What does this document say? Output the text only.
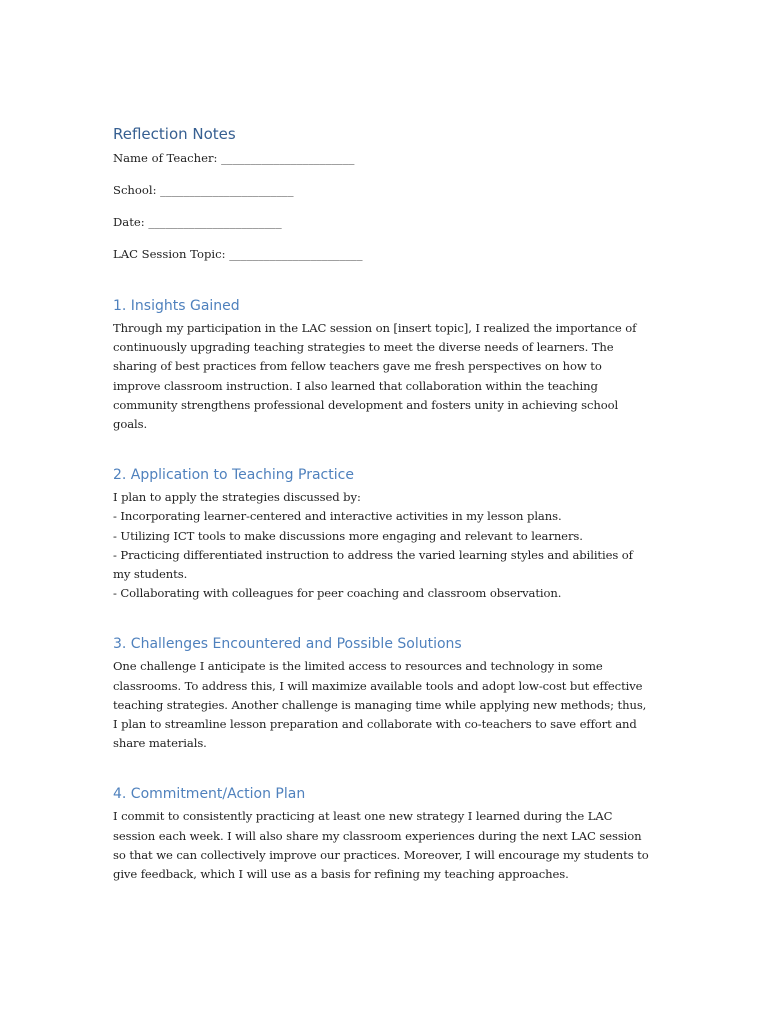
Reflection Notes
Name of Teacher: _______________________
School: _______________________
Date: _______________________
LAC Session Topic: _______________________
1. Insights Gained
Through my participation in the LAC session on [insert topic], I realized the importance of
continuously upgrading teaching strategies to meet the diverse needs of learners. The
sharing of best practices from fellow teachers gave me fresh perspectives on how to
improve classroom instruction. I also learned that collaboration within the teaching
community strengthens professional development and fosters unity in achieving school
goals.
2. Application to Teaching Practice
I plan to apply the strategies discussed by:
- Incorporating learner-centered and interactive activities in my lesson plans.
- Utilizing ICT tools to make discussions more engaging and relevant to learners.
- Practicing differentiated instruction to address the varied learning styles and abilities of
my students.
- Collaborating with colleagues for peer coaching and classroom observation.
3. Challenges Encountered and Possible Solutions
One challenge I anticipate is the limited access to resources and technology in some
classrooms. To address this, I will maximize available tools and adopt low-cost but effective
teaching strategies. Another challenge is managing time while applying new methods; thus,
I plan to streamline lesson preparation and collaborate with co-teachers to save effort and
share materials.
4. Commitment/Action Plan
I commit to consistently practicing at least one new strategy I learned during the LAC
session each week. I will also share my classroom experiences during the next LAC session
so that we can collectively improve our practices. Moreover, I will encourage my students to
give feedback, which I will use as a basis for refining my teaching approaches.
